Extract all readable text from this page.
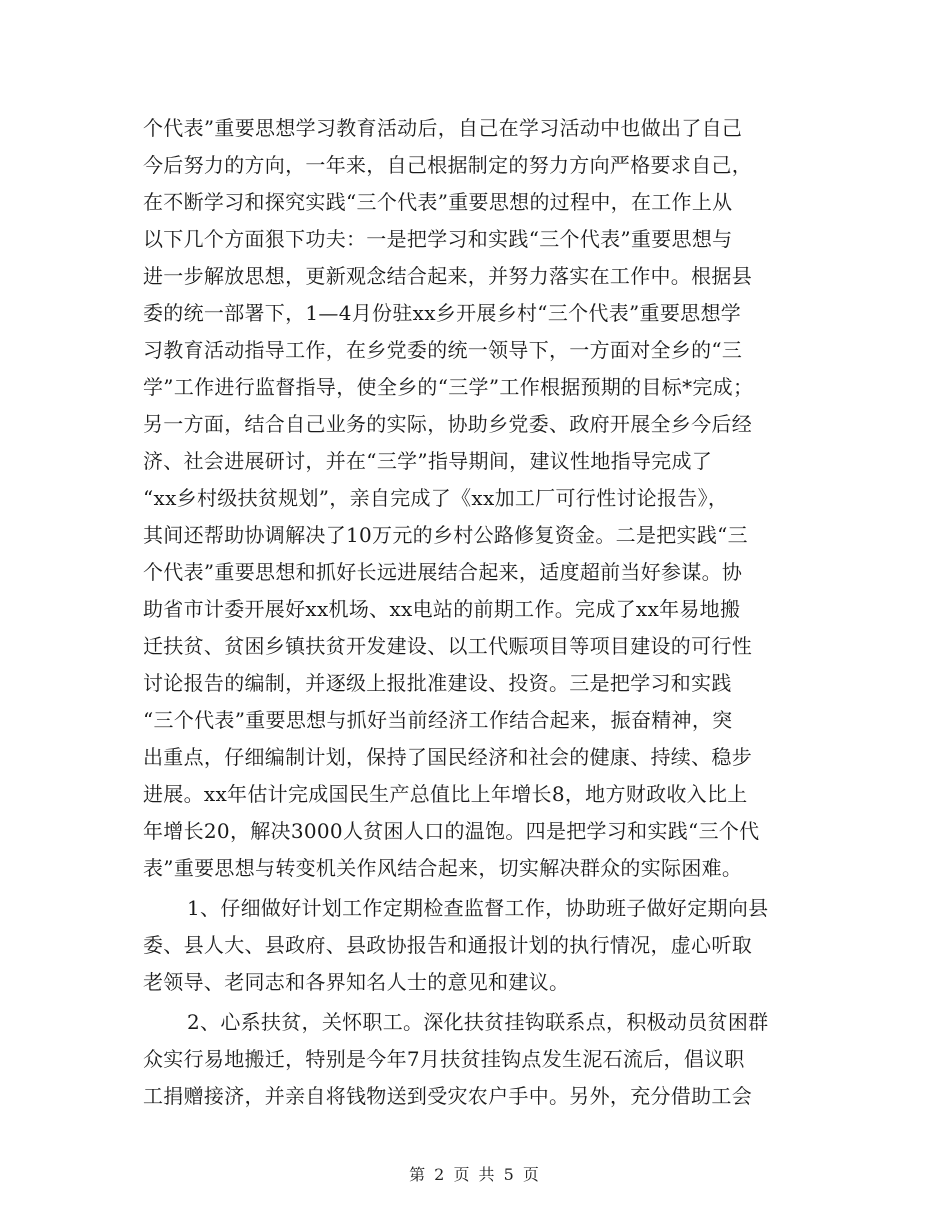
个代表”重要思想学习教育活动后，自己在学习活动中也做出了自己
今后努力的方向，一年来，自己根据制定的努力方向严格要求自己，
在不断学习和探究实践“三个代表”重要思想的过程中，在工作上从
以下几个方面狠下功夫：一是把学习和实践“三个代表”重要思想与
进一步解放思想，更新观念结合起来，并努力落实在工作中。根据县
委的统一部署下，1—4月份驻xx乡开展乡村“三个代表”重要思想学
习教育活动指导工作，在乡党委的统一领导下，一方面对全乡的“三
学”工作进行监督指导，使全乡的“三学”工作根据预期的目标*完成；
另一方面，结合自己业务的实际，协助乡党委、政府开展全乡今后经
济、社会进展研讨，并在“三学”指导期间，建议性地指导完成了
“xx乡村级扶贫规划”，亲自完成了《xx加工厂可行性讨论报告》，
其间还帮助协调解决了10万元的乡村公路修复资金。二是把实践“三
个代表”重要思想和抓好长远进展结合起来，适度超前当好参谋。协
助省市计委开展好xx机场、xx电站的前期工作。完成了xx年易地搬
迁扶贫、贫困乡镇扶贫开发建设、以工代赈项目等项目建设的可行性
讨论报告的编制，并逐级上报批准建设、投资。三是把学习和实践
“三个代表”重要思想与抓好当前经济工作结合起来，振奋精神，突
出重点，仔细编制计划，保持了国民经济和社会的健康、持续、稳步
进展。xx年估计完成国民生产总值比上年增长8，地方财政收入比上
年增长20，解决3000人贫困人口的温饱。四是把学习和实践“三个代
表”重要思想与转变机关作风结合起来，切实解决群众的实际困难。
1、仔细做好计划工作定期检查监督工作，协助班子做好定期向县
委、县人大、县政府、县政协报告和通报计划的执行情况，虚心听取
老领导、老同志和各界知名人士的意见和建议。
2、心系扶贫，关怀职工。深化扶贫挂钩联系点，积极动员贫困群
众实行易地搬迁，特别是今年7月扶贫挂钩点发生泥石流后，倡议职
工捐赠接济，并亲自将钱物送到受灾农户手中。另外，充分借助工会
第 2 页 共 5 页
